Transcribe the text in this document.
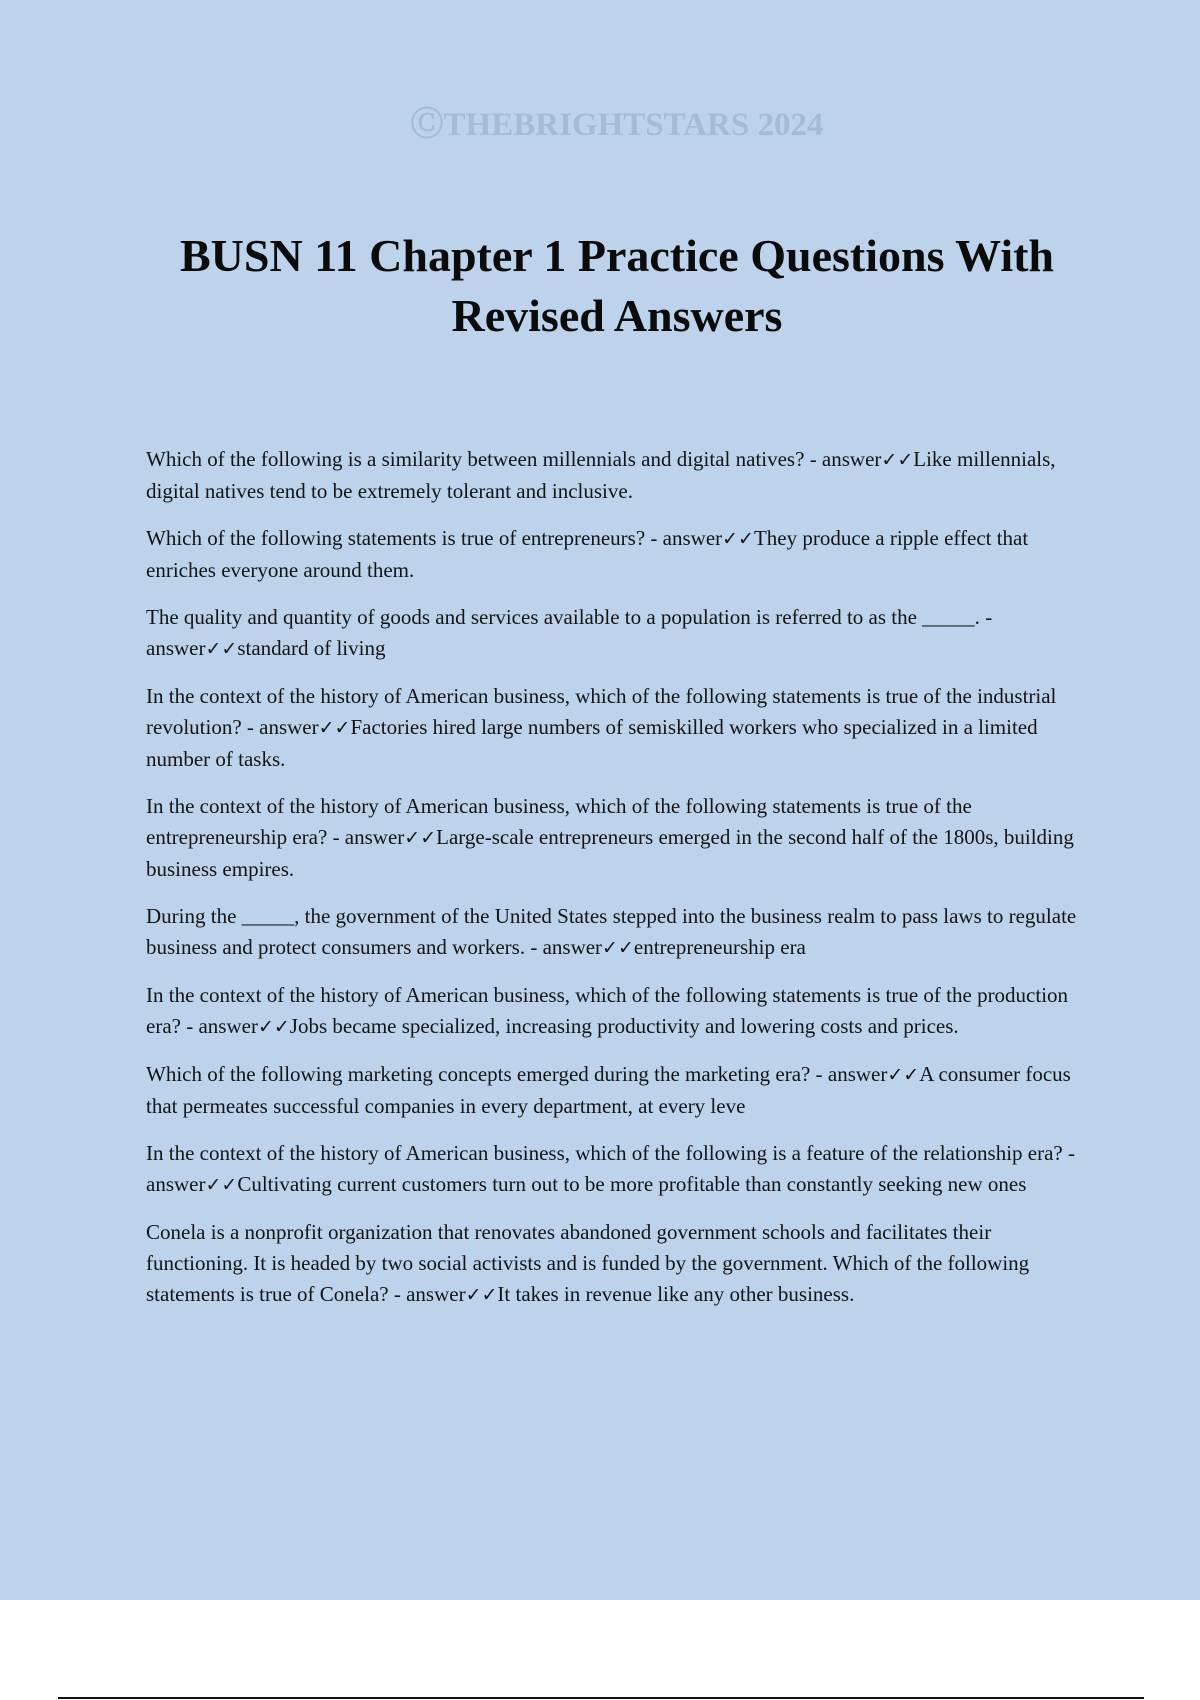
ⒸTHEBRIGHTSTARS 2024
BUSN 11 Chapter 1 Practice Questions With Revised Answers
Which of the following is a similarity between millennials and digital natives? - answer✓✓Like millennials, digital natives tend to be extremely tolerant and inclusive.
Which of the following statements is true of entrepreneurs? - answer✓✓They produce a ripple effect that enriches everyone around them.
The quality and quantity of goods and services available to a population is referred to as the _____. - answer✓✓standard of living
In the context of the history of American business, which of the following statements is true of the industrial revolution? - answer✓✓Factories hired large numbers of semiskilled workers who specialized in a limited number of tasks.
In the context of the history of American business, which of the following statements is true of the entrepreneurship era? - answer✓✓Large-scale entrepreneurs emerged in the second half of the 1800s, building business empires.
During the _____, the government of the United States stepped into the business realm to pass laws to regulate business and protect consumers and workers. - answer✓✓entrepreneurship era
In the context of the history of American business, which of the following statements is true of the production era? - answer✓✓Jobs became specialized, increasing productivity and lowering costs and prices.
Which of the following marketing concepts emerged during the marketing era? - answer✓✓A consumer focus that permeates successful companies in every department, at every leve
In the context of the history of American business, which of the following is a feature of the relationship era? - answer✓✓Cultivating current customers turn out to be more profitable than constantly seeking new ones
Conela is a nonprofit organization that renovates abandoned government schools and facilitates their functioning. It is headed by two social activists and is funded by the government. Which of the following statements is true of Conela? - answer✓✓It takes in revenue like any other business.
